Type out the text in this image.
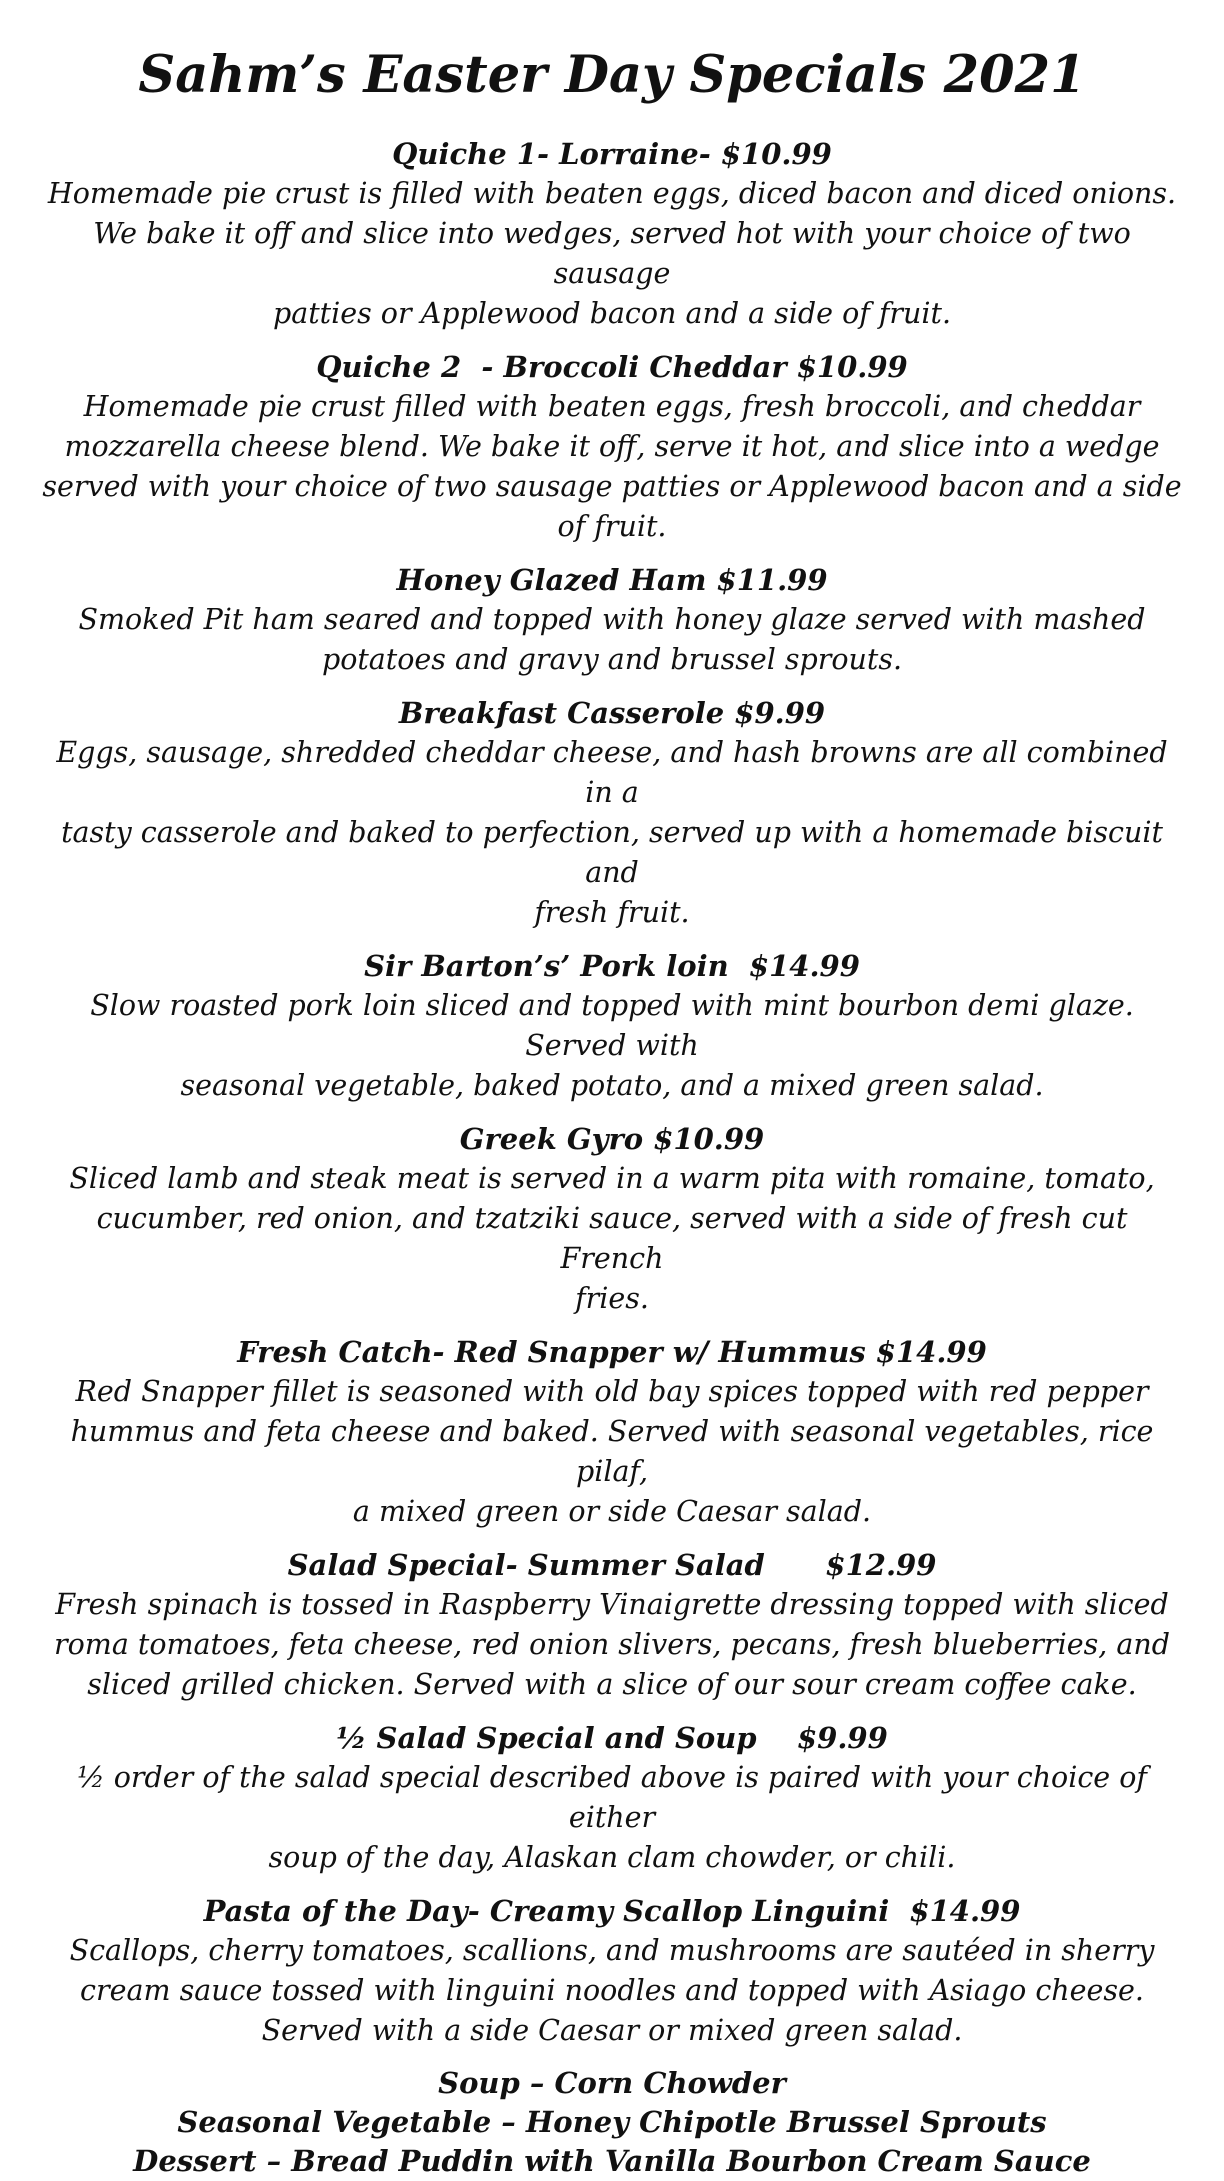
Sahm’s Easter Day Specials 2021
Quiche 1- Lorraine- $10.99
Homemade pie crust is filled with beaten eggs, diced bacon and diced onions.
We bake it off and slice into wedges, served hot with your choice of two sausage
patties or Applewood bacon and a side of fruit.
Quiche 2  - Broccoli Cheddar $10.99
Homemade pie crust filled with beaten eggs, fresh broccoli, and cheddar
mozzarella cheese blend. We bake it off, serve it hot, and slice into a wedge
served with your choice of two sausage patties or Applewood bacon and a side
of fruit.
Honey Glazed Ham $11.99
Smoked Pit ham seared and topped with honey glaze served with mashed
potatoes and gravy and brussel sprouts.
Breakfast Casserole $9.99
Eggs, sausage, shredded cheddar cheese, and hash browns are all combined in a
tasty casserole and baked to perfection, served up with a homemade biscuit and
fresh fruit.
Sir Barton’s’ Pork loin  $14.99
Slow roasted pork loin sliced and topped with mint bourbon demi glaze. Served with
seasonal vegetable, baked potato, and a mixed green salad.
Greek Gyro $10.99
Sliced lamb and steak meat is served in a warm pita with romaine, tomato,
cucumber, red onion, and tzatziki sauce, served with a side of fresh cut French
fries.
Fresh Catch- Red Snapper w/ Hummus $14.99
Red Snapper fillet is seasoned with old bay spices topped with red pepper
hummus and feta cheese and baked. Served with seasonal vegetables, rice pilaf,
a mixed green or side Caesar salad.
Salad Special- Summer Salad      $12.99
Fresh spinach is tossed in Raspberry Vinaigrette dressing topped with sliced
roma tomatoes, feta cheese, red onion slivers, pecans, fresh blueberries, and
sliced grilled chicken. Served with a slice of our sour cream coffee cake.
½ Salad Special and Soup    $9.99
½ order of the salad special described above is paired with your choice of either
soup of the day, Alaskan clam chowder, or chili.
Pasta of the Day- Creamy Scallop Linguini  $14.99
Scallops, cherry tomatoes, scallions, and mushrooms are sautéed in sherry
cream sauce tossed with linguini noodles and topped with Asiago cheese.
Served with a side Caesar or mixed green salad.
Soup – Corn Chowder
Seasonal Vegetable – Honey Chipotle Brussel Sprouts
Dessert – Bread Puddin with Vanilla Bourbon Cream Sauce
